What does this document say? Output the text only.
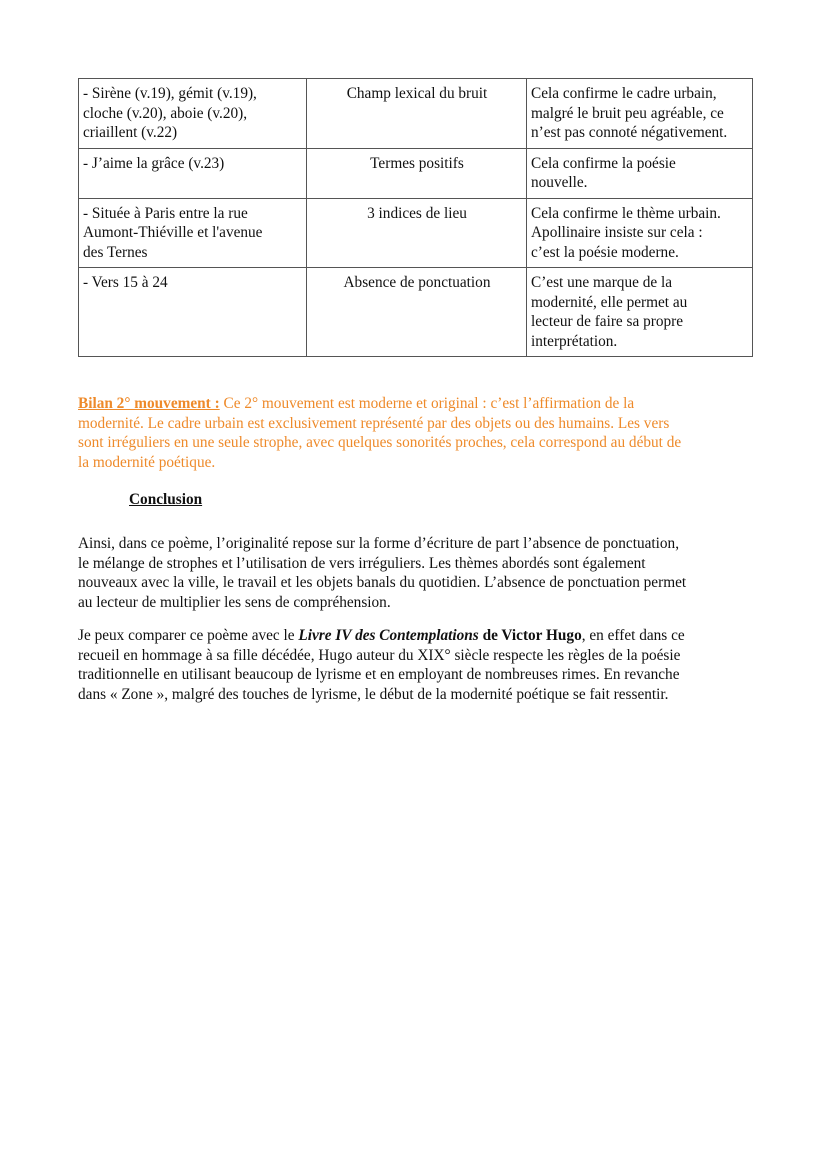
- Sirène (v.19), gémit (v.19),
cloche (v.20), aboie (v.20),
criaillent (v.22)	Champ lexical du bruit	Cela confirme le cadre urbain,
malgré le bruit peu agréable, ce
n’est pas connoté négativement.

- J’aime la grâce (v.23)	Termes positifs	Cela confirme la poésie
nouvelle.

- Située à Paris entre la rue
Aumont-Thiéville et l'avenue
des Ternes	3 indices de lieu	Cela confirme le thème urbain.
Apollinaire insiste sur cela :
c’est la poésie moderne.

- Vers 15 à 24	Absence de ponctuation	C’est une marque de la
modernité, elle permet au
lecteur de faire sa propre
interprétation.
Bilan 2° mouvement : Ce 2° mouvement est moderne et original : c’est l’affirmation de la
modernité. Le cadre urbain est exclusivement représenté par des objets ou des humains. Les vers
sont irréguliers en une seule strophe, avec quelques sonorités proches, cela correspond au début de
la modernité poétique.
Conclusion
Ainsi, dans ce poème, l’originalité repose sur la forme d’écriture de part l’absence de ponctuation,
le mélange de strophes et l’utilisation de vers irréguliers. Les thèmes abordés sont également
nouveaux avec la ville, le travail et les objets banals du quotidien. L’absence de ponctuation permet
au lecteur de multiplier les sens de compréhension.
Je peux comparer ce poème avec le Livre IV des Contemplations de Victor Hugo, en effet dans ce
recueil en hommage à sa fille décédée, Hugo auteur du XIX° siècle respecte les règles de la poésie
traditionnelle en utilisant beaucoup de lyrisme et en employant de nombreuses rimes. En revanche
dans « Zone », malgré des touches de lyrisme, le début de la modernité poétique se fait ressentir.
